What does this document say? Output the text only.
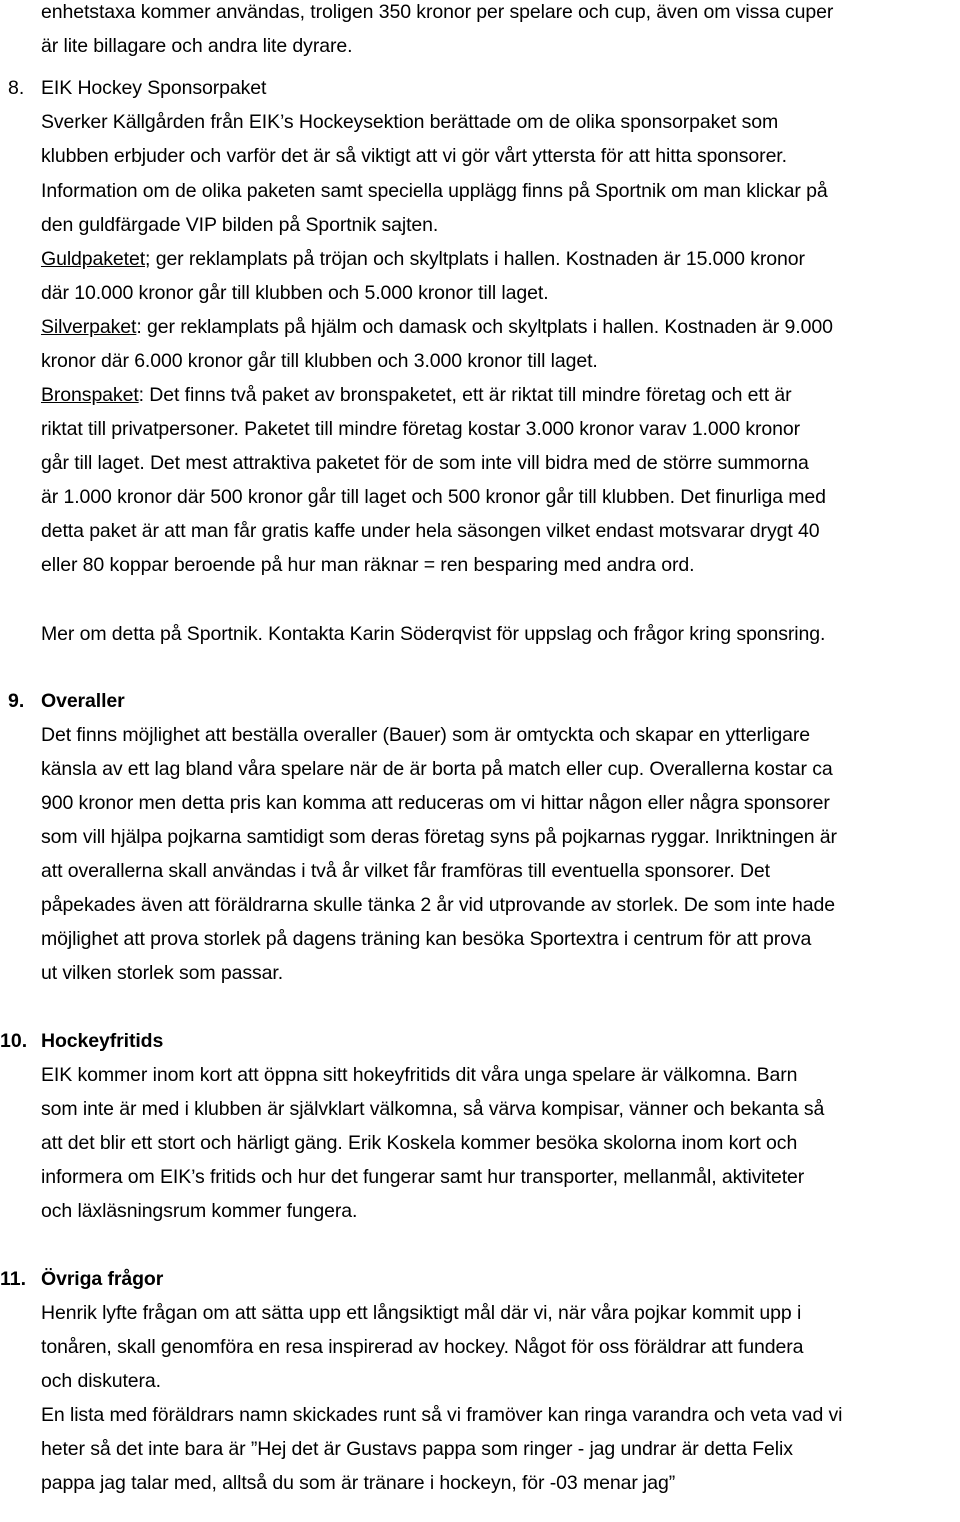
enhetstaxa kommer användas, troligen 350 kronor per spelare och cup, även om vissa cuper
är lite billagare och andra lite dyrare.
8. EIK Hockey Sponsorpaket
Sverker Källgården från EIK’s Hockeysektion berättade om de olika sponsorpaket som
klubben erbjuder och varför det är så viktigt att vi gör vårt yttersta för att hitta sponsorer.
Information om de olika paketen samt speciella upplägg finns på Sportnik om man klickar på
den guldfärgade VIP bilden på Sportnik sajten.
Guldpaketet; ger reklamplats på tröjan och skyltplats i hallen. Kostnaden är 15.000 kronor
där 10.000 kronor går till klubben och 5.000 kronor till laget.
Silverpaket: ger reklamplats på hjälm och damask och skyltplats i hallen. Kostnaden är 9.000
kronor där 6.000 kronor går till klubben och 3.000 kronor till laget.
Bronspaket: Det finns två paket av bronspaketet, ett är riktat till mindre företag och ett är
riktat till privatpersoner. Paketet till mindre företag kostar 3.000 kronor varav 1.000 kronor
går till laget. Det mest attraktiva paketet för de som inte vill bidra med de större summorna
är 1.000 kronor där 500 kronor går till laget och 500 kronor går till klubben. Det finurliga med
detta paket är att man får gratis kaffe under hela säsongen vilket endast motsvarar drygt 40
eller 80 koppar beroende på hur man räknar = ren besparing med andra ord.
Mer om detta på Sportnik. Kontakta Karin Söderqvist för uppslag och frågor kring sponsring.
9. Overaller
Det finns möjlighet att beställa overaller (Bauer) som är omtyckta och skapar en ytterligare
känsla av ett lag bland våra spelare när de är borta på match eller cup. Overallerna kostar ca
900 kronor men detta pris kan komma att reduceras om vi hittar någon eller några sponsorer
som vill hjälpa pojkarna samtidigt som deras företag syns på pojkarnas ryggar. Inriktningen är
att overallerna skall användas i två år vilket får framföras till eventuella sponsorer. Det
påpekades även att föräldrarna skulle tänka 2 år vid utprovande av storlek. De som inte hade
möjlighet att prova storlek på dagens träning kan besöka Sportextra i centrum för att prova
ut vilken storlek som passar.
10. Hockeyfritids
EIK kommer inom kort att öppna sitt hokeyfritids dit våra unga spelare är välkomna. Barn
som inte är med i klubben är självklart välkomna, så värva kompisar, vänner och bekanta så
att det blir ett stort och härligt gäng. Erik Koskela kommer besöka skolorna inom kort och
informera om EIK’s fritids och hur det fungerar samt hur transporter, mellanmål, aktiviteter
och läxläsningsrum kommer fungera.
11. Övriga frågor
Henrik lyfte frågan om att sätta upp ett långsiktigt mål där vi, när våra pojkar kommit upp i
tonåren, skall genomföra en resa inspirerad av hockey. Något för oss föräldrar att fundera
och diskutera.
En lista med föräldrars namn skickades runt så vi framöver kan ringa varandra och veta vad vi
heter så det inte bara är ”Hej det är Gustavs pappa som ringer - jag undrar är detta Felix
pappa jag talar med, alltså du som är tränare i hockeyn, för -03 menar jag”
